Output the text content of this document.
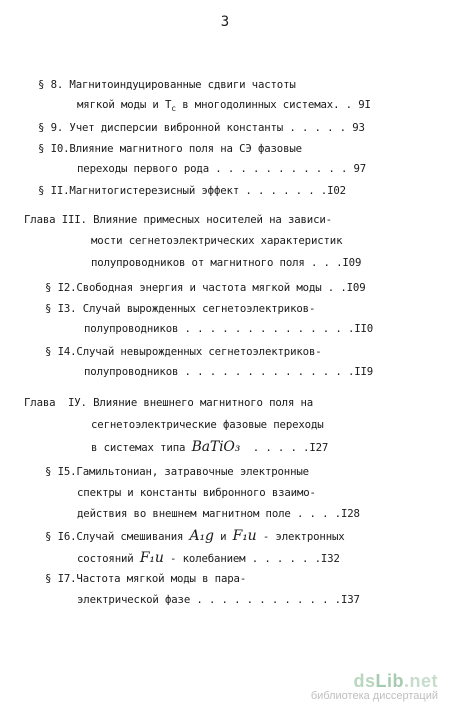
3
§ 8. Магнитоиндуцированные сдвиги частоты
мягкой моды и $T_c$ в многодолинных системах. . 9I
§ 9. Учет дисперсии вибронной константы . . . . . 93
§ I0.Влияние магнитного поля на СЭ фазовые
переходы первого рода . . . . . . . . . . . 97
§ II.Магнитогистерезисный эффект . . . . . . .I02
Глава III. Влияние примесных носителей на зависи-
мости сегнетоэлектрических характеристик
полупроводников от магнитного поля . . .I09
§ I2.Свободная энергия и частота мягкой моды . .I09
§ I3. Случай вырожденных сегнетоэлектриков-
полупроводников . . . . . . . . . . . . . .II0
§ I4.Случай невырожденных сегнетоэлектриков-
полупроводников . . . . . . . . . . . . . .II9
Глава  IУ. Влияние внешнего магнитного поля на
сегнетоэлектрические фазовые переходы
в системах типа BaTiO₃  . . . . .I27
§ I5.Гамильтониан, затравочные электронные
спектры и константы вибронного взаимо-
действия во внешнем магнитном поле . . . .I28
§ I6.Случай смешивания A₁g и F₁u - электронных
состояний F₁u - колебанием . . . . . .I32
§ I7.Частота мягкой моды в пара-
электрической фазе . . . . . . . . . . . .I37
dsLib.net
библиотека диссертаций
